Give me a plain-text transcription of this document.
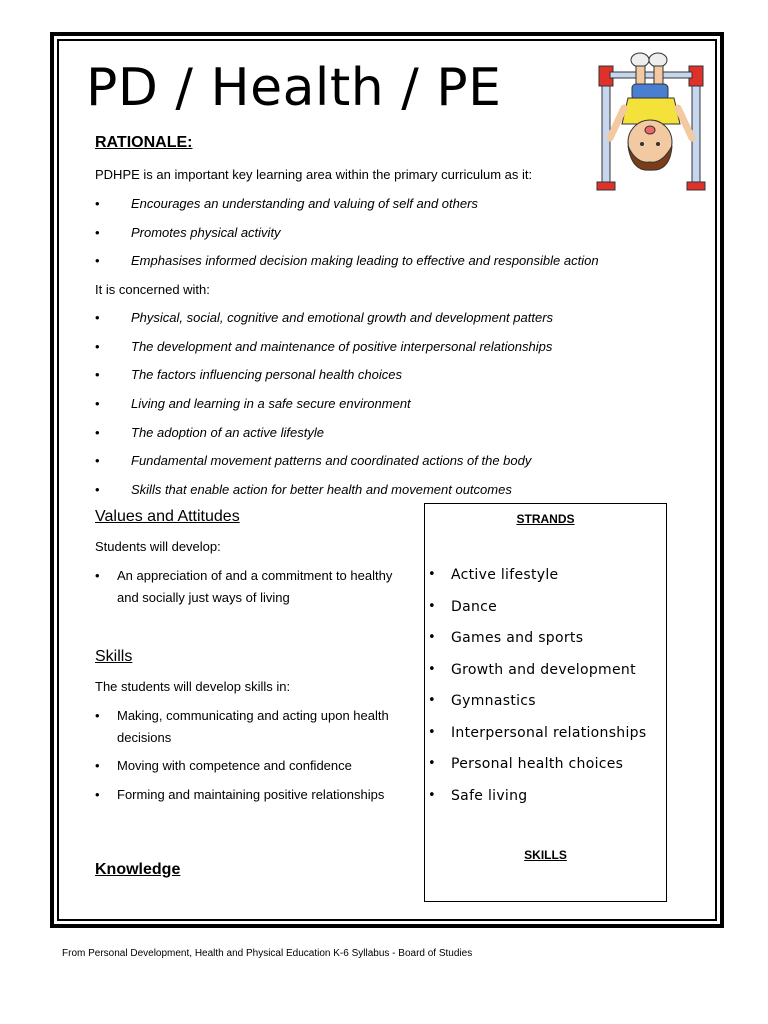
PD / Health / PE
RATIONALE:

PDHPE is an important key learning area within the primary curriculum as it:

• Encourages an understanding and valuing of self and others
• Promotes physical activity
• Emphasises informed decision making leading to effective and responsible action

It is concerned with:

• Physical, social, cognitive and emotional growth and development patters
• The development and maintenance of positive interpersonal relationships
• The factors influencing personal health choices
• Living and learning in a safe secure environment
• The adoption of an active lifestyle
• Fundamental movement patterns and coordinated actions of the body
• Skills that enable action for better health and movement outcomes
Values and Attitudes

Students will develop:

• An appreciation of and a commitment to healthy and socially just ways of living
Skills

The students will develop skills in:

• Making, communicating and acting upon health decisions
• Moving with competence and confidence
• Forming and maintaining positive relationships
Knowledge

STRANDS

• Active lifestyle
• Dance
• Games and sports
• Growth and development
• Gymnastics
• Interpersonal relationships
• Personal health choices
• Safe living

SKILLS

From Personal Development, Health and Physical Education K-6 Syllabus - Board of Studies
